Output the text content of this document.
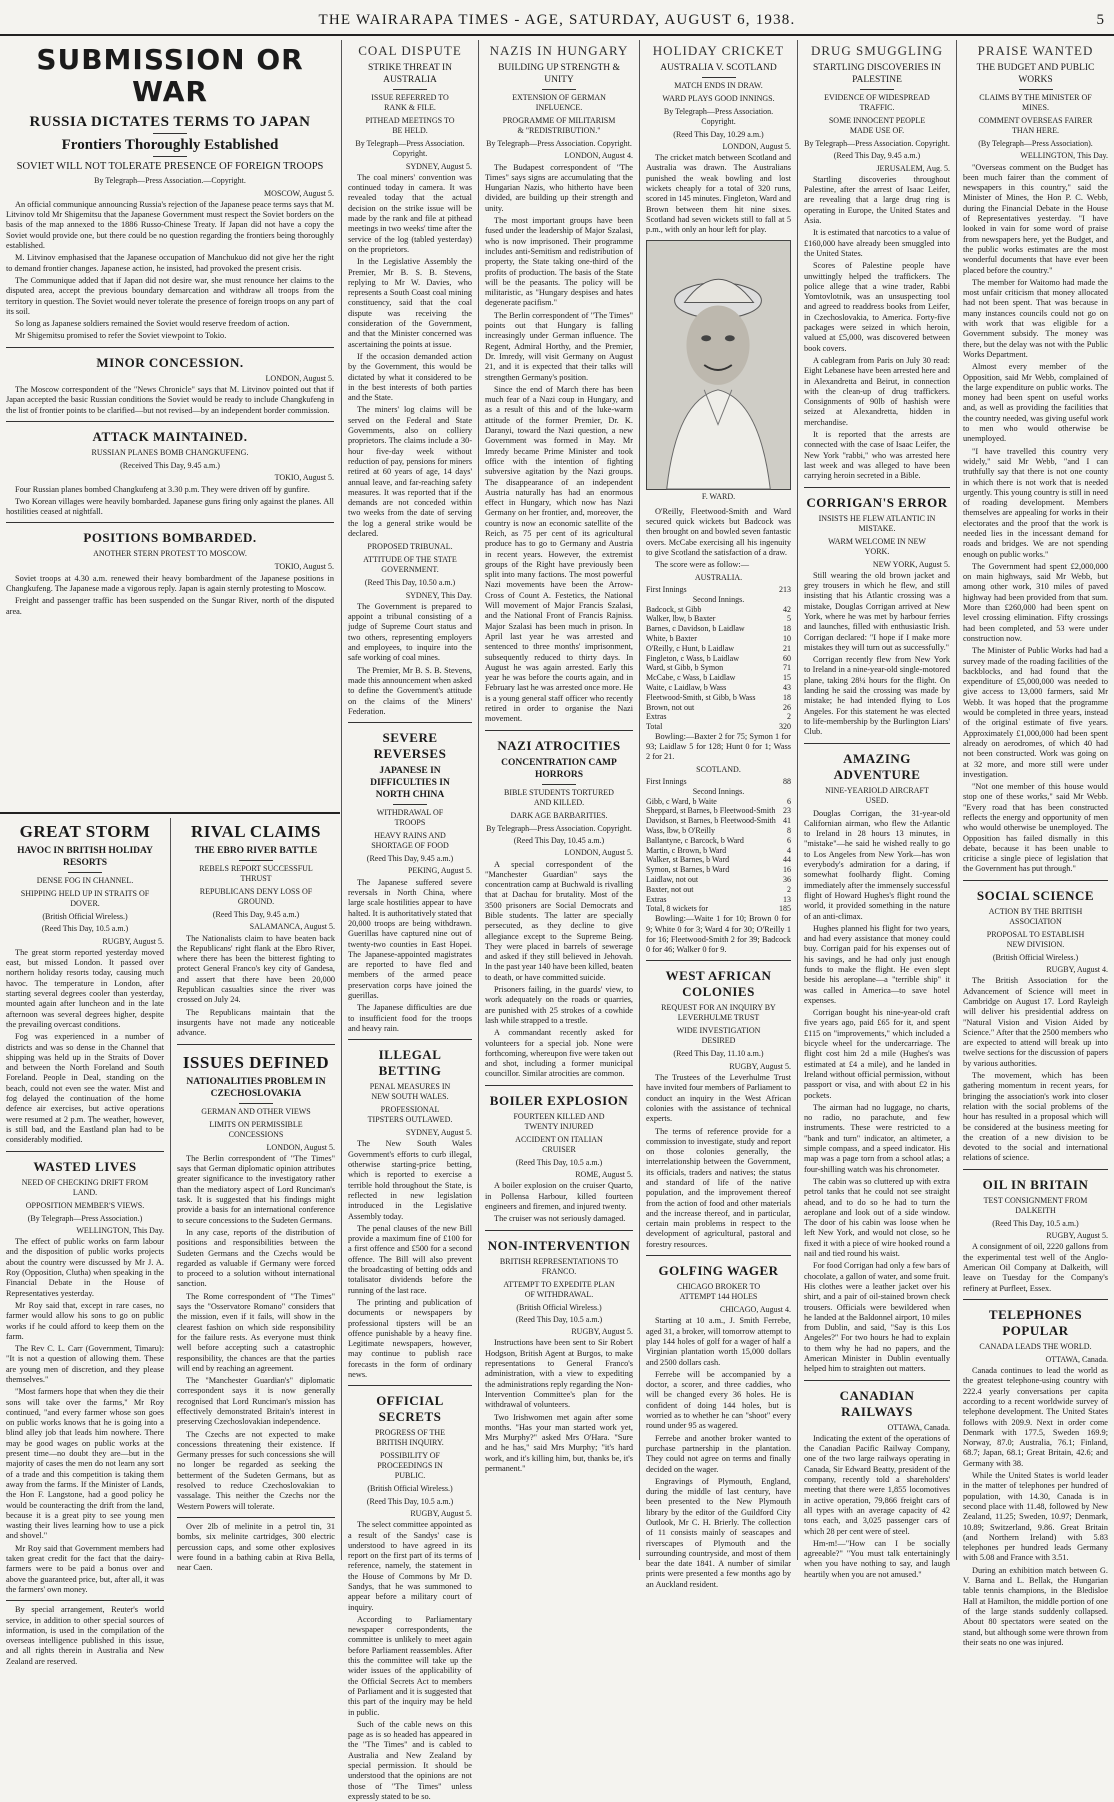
THE WAIRARAPA TIMES - AGE, SATURDAY, AUGUST 6, 1938.	5
SUBMISSION OR WAR
RUSSIA DICTATES TERMS TO JAPAN
Frontiers Thoroughly Established
SOVIET WILL NOT TOLERATE PRESENCE OF FOREIGN TROOPS
By Telegraph—Press Association.—Copyright.

MOSCOW, August 5.

An official communique announcing Russia's rejection of the Japanese peace terms says that M. Litvinov told Mr Shigemitsu that the Japanese Government must respect the Soviet borders on the basis of the map annexed to the 1886 Russo-Chinese Treaty. If Japan did not have a copy the Soviet would provide one, but there could be no question regarding the frontiers being thoroughly established.

M. Litvinov emphasised that the Japanese occupation of Manchukuo did not give her the right to demand frontier changes. Japanese action, he insisted, had provoked the present crisis.

The Communique added that if Japan did not desire war, she must renounce her claims to the disputed area, accept the previous boundary demarcation and withdraw all troops from the territory in question. The Soviet would never tolerate the presence of foreign troops on any part of its soil.

So long as Japanese soldiers remained the Soviet would reserve freedom of action.

Mr Shigemitsu promised to refer the Soviet viewpoint to Tokio.

MINOR CONCESSION.

LONDON, August 5.

The Moscow correspondent of the "News Chronicle" says that M. Litvinov pointed out that if Japan accepted the basic Russian conditions the Soviet would be ready to include Changkufeng in the list of frontier points to be clarified—but not revised—by an independent border commission.

ATTACK MAINTAINED.
RUSSIAN PLANES BOMB CHANGKUFENG.
(Received This Day, 9.45 a.m.)

TOKIO, August 5.

Four Russian planes bombed Changkufeng at 3.30 p.m. They were driven off by gunfire.

Two Korean villages were heavily bombarded. Japanese guns firing only against the planes. All hostilities ceased at nightfall.

POSITIONS BOMBARDED.
ANOTHER STERN PROTEST TO MOSCOW.

TOKIO, August 5.

Soviet troops at 4.30 a.m. renewed their heavy bombardment of the Japanese positions in Changkufeng. The Japanese made a vigorous reply. Japan is again sternly protesting to Moscow.

Freight and passenger traffic has been suspended on the Sungar River, north of the disputed area.

GREAT STORM
HAVOC IN BRITISH HOLIDAY RESORTS
DENSE FOG IN CHANNEL.
SHIPPING HELD UP IN STRAITS OF DOVER.
(British Official Wireless.)
(Reed This Day, 10.5 a.m.)

RUGBY, August 5.

The great storm reported yesterday moved east, but missed London. It passed over northern holiday resorts today, causing much havoc. The temperature in London, after starting several degrees cooler than yesterday, mounted again after luncheon and in the late afternoon was several degrees higher, despite the prevailing overcast conditions.

Fog was experienced in a number of districts and was so dense in the Channel that shipping was held up in the Straits of Dover and between the North Foreland and South Foreland. People in Deal, standing on the beach, could not even see the water. Mist and fog delayed the continuation of the home defence air exercises, but active operations were resumed at 2 p.m. The weather, however, is still bad, and the Eastland plan had to be considerably modified.

WASTED LIVES
NEED OF CHECKING DRIFT FROM LAND.
OPPOSITION MEMBER'S VIEWS.
(By Telegraph—Press Association.)

WELLINGTON, This Day.

The effect of public works on farm labour and the disposition of public works projects about the country were discussed by Mr J. A. Roy (Opposition, Clutha) when speaking in the Financial Debate in the House of Representatives yesterday.

Mr Roy said that, except in rare cases, no farmer would allow his sons to go on public works if he could afford to keep them on the farm.

The Rev C. L. Carr (Government, Timaru): "It is not a question of allowing them. These are young men of discretion, and they please themselves."

"Most farmers hope that when they die their sons will take over the farms," Mr Roy continued, "and every farmer whose son goes on public works knows that he is going into a blind alley job that leads him nowhere. There may be good wages on public works at the present time—no doubt they are—but in the majority of cases the men do not learn any sort of a trade and this competition is taking them away from the farms. If the Minister of Lands, the Hon F. Langstone, had a good policy he would be counteracting the drift from the land, because it is a great pity to see young men wasting their lives learning how to use a pick and shovel."

Mr Roy said that Government members had taken great credit for the fact that the dairy-farmers were to be paid a bonus over and above the guaranteed price, but, after all, it was the farmers' own money.

By special arrangement, Reuter's world service, in addition to other special sources of information, is used in the compilation of the overseas intelligence published in this issue, and all rights therein in Australia and New Zealand are reserved.

RIVAL CLAIMS
THE EBRO RIVER BATTLE
REBELS REPORT SUCCESSFUL THRUST
REPUBLICANS DENY LOSS OF GROUND.
(Reed This Day, 9.45 a.m.)

SALAMANCA, August 5.

The Nationalists claim to have beaten back the Republicans' right flank at the Ebro River, where there has been the bitterest fighting to protect General Franco's key city of Gandesa, and assert that there have been 20,000 Republican casualties since the river was crossed on July 24.

The Republicans maintain that the insurgents have not made any noticeable advance.

ISSUES DEFINED
NATIONALITIES PROBLEM IN CZECHOSLOVAKIA
GERMAN AND OTHER VIEWS
LIMITS ON PERMISSIBLE CONCESSIONS

LONDON, August 5.

The Berlin correspondent of "The Times" says that German diplomatic opinion attributes greater significance to the investigatory rather than the mediatory aspect of Lord Runciman's task. It is suggested that his findings might provide a basis for an international conference to secure concessions to the Sudeten Germans.

In any case, reports of the distribution of positions and responsibilities between the Sudeten Germans and the Czechs would be regarded as valuable if Germany were forced to proceed to a solution without international sanction.

The Rome correspondent of "The Times" says the "Osservatore Romano" considers that the mission, even if it fails, will show in the clearest fashion on which side responsibility for the failure rests. As everyone must think well before accepting such a catastrophic responsibility, the chances are that the parties will end by reaching an agreement.

The "Manchester Guardian's" diplomatic correspondent says it is now generally recognised that Lord Runciman's mission has effectively demonstrated Britain's interest in preserving Czechoslovakian independence.

The Czechs are not expected to make concessions threatening their existence. If Germany presses for such concessions she will no longer be regarded as seeking the betterment of the Sudeten Germans, but as resolved to reduce Czechoslovakian to vassalage. This neither the Czechs nor the Western Powers will tolerate.

Over 2lb of melinite in a petrol tin, 31 bombs, six melinite cartridges, 300 electric percussion caps, and some other explosives were found in a bathing cabin at Riva Bella, near Caen.

COAL DISPUTE
STRIKE THREAT IN AUSTRALIA
ISSUE REFERRED TO RANK & FILE.
PITHEAD MEETINGS TO BE HELD.
By Telegraph—Press Association. Copyright.

SYDNEY, August 5.

The coal miners' convention was continued today in camera. It was revealed today that the actual decision on the strike issue will be made by the rank and file at pithead meetings in two weeks' time after the service of the log (tabled yesterday) on the proprietors.

In the Legislative Assembly the Premier, Mr B. S. B. Stevens, replying to Mr W. Davies, who represents a South Coast coal mining constituency, said that the coal dispute was receiving the consideration of the Government, and that the Minister concerned was ascertaining the points at issue.

If the occasion demanded action by the Government, this would be dictated by what it considered to be in the best interests of both parties and the State.

The miners' log claims will be served on the Federal and State Governments, also on colliery proprietors. The claims include a 30-hour five-day week without reduction of pay, pensions for miners retired at 60 years of age, 14 days' annual leave, and far-reaching safety measures. It was reported that if the demands are not conceded within two weeks from the date of serving the log a general strike would be declared.

PROPOSED TRIBUNAL.
ATTITUDE OF THE STATE GOVERNMENT.
(Reed This Day, 10.50 a.m.)

SYDNEY, This Day.

The Government is prepared to appoint a tribunal consisting of a judge of Supreme Court status and two others, representing employers and employees, to inquire into the safe working of coal mines.

The Premier, Mr B. S. B. Stevens, made this announcement when asked to define the Government's attitude on the claims of the Miners' Federation.

SEVERE REVERSES
JAPANESE IN DIFFICULTIES IN NORTH CHINA
WITHDRAWAL OF TROOPS
HEAVY RAINS AND SHORTAGE OF FOOD
(Reed This Day, 9.45 a.m.)

PEKING, August 5.

The Japanese suffered severe reversals in North China, where large scale hostilities appear to have halted. It is authoritatively stated that 20,000 troops are being withdrawn. Guerillas have captured nine out of twenty-two counties in East Hopei. The Japanese-appointed magistrates are reported to have fled and members of the armed peace preservation corps have joined the guerillas.

The Japanese difficulties are due to insufficient food for the troops and heavy rain.

ILLEGAL BETTING
PENAL MEASURES IN NEW SOUTH WALES.
PROFESSIONAL TIPSTERS OUTLAWED.

SYDNEY, August 5.

The New South Wales Government's efforts to curb illegal, otherwise starting-price betting, which is reported to exercise a terrible hold throughout the State, is reflected in new legislation introduced in the Legislative Assembly today.

The penal clauses of the new Bill provide a maximum fine of £100 for a first offence and £500 for a second offence. The Bill will also prevent the broadcasting of betting odds and totalisator dividends before the running of the last race.

The printing and publication of documents or newspapers by professional tipsters will be an offence punishable by a heavy fine. Legitimate newspapers, however, may continue to publish race forecasts in the form of ordinary news.

OFFICIAL SECRETS
PROGRESS OF THE BRITISH INQUIRY.
POSSIBILITY OF PROCEEDINGS IN PUBLIC.
(British Official Wireless.)
(Reed This Day, 10.5 a.m.)

RUGBY, August 5.

The select committee appointed as a result of the Sandys' case is understood to have agreed in its report on the first part of its terms of reference, namely, the statement in the House of Commons by Mr D. Sandys, that he was summoned to appear before a military court of inquiry.

According to Parliamentary newspaper correspondents, the committee is unlikely to meet again before Parliament reassembles. After this the committee will take up the wider issues of the applicability of the Official Secrets Act to members of Parliament and it is suggested that this part of the inquiry may be held in public.

Such of the cable news on this page as is so headed has appeared in the "The Times" and is cabled to Australia and New Zealand by special permission. It should be understood that the opinions are not those of "The Times" unless expressly stated to be so.

NAZIS IN HUNGARY
BUILDING UP STRENGTH & UNITY
EXTENSION OF GERMAN INFLUENCE.
PROGRAMME OF MILITARISM & "REDISTRIBUTION."
By Telegraph—Press Association. Copyright.

LONDON, August 4.

The Budapest correspondent of "The Times" says signs are accumulating that the Hungarian Nazis, who hitherto have been divided, are building up their strength and unity.

The most important groups have been fused under the leadership of Major Szalasi, who is now imprisoned. Their programme includes anti-Semitism and redistribution of property, the State taking one-third of the profits of production. The basis of the State will be the peasants. The policy will be militaristic, as "Hungary despises and hates degenerate pacifism."

The Berlin correspondent of "The Times" points out that Hungary is falling increasingly under German influence. The Regent, Admiral Horthy, and the Premier, Dr. Imredy, will visit Germany on August 21, and it is expected that their talks will strengthen Germany's position.

Since the end of March there has been much fear of a Nazi coup in Hungary, and as a result of this and of the luke-warm attitude of the former Premier, Dr. K. Daranyi, toward the Nazi question, a new Government was formed in May. Mr Imredy became Prime Minister and took office with the intention of fighting subversive agitation by the Nazi groups. The disappearance of an independent Austria naturally has had an enormous effect in Hungary, which now has Nazi Germany on her frontier, and, moreover, the country is now an economic satellite of the Reich, as 75 per cent of its agricultural produce has to go to Germany and Austria in recent years. However, the extremist groups of the Right have previously been split into many factions. The most powerful Nazi movements have been the Arrow-Cross of Count A. Festetics, the National Will movement of Major Francis Szalasi, and the National Front of Francis Rajniss. Major Szalasi has been much in prison. In April last year he was arrested and sentenced to three months' imprisonment, subsequently reduced to thirty days. In August he was again arrested. Early this year he was before the courts again, and in February last he was arrested once more. He is a young general staff officer who recently retired in order to organise the Nazi movement.

NAZI ATROCITIES
CONCENTRATION CAMP HORRORS
BIBLE STUDENTS TORTURED AND KILLED.
DARK AGE BARBARITIES.
By Telegraph—Press Association. Copyright.
(Reed This Day, 10.45 a.m.)

LONDON, August 5.

A special correspondent of the "Manchester Guardian" says the concentration camp at Buchwald is rivalling that at Dachau for brutality. Most of the 3500 prisoners are Social Democrats and Bible students. The latter are specially persecuted, as they decline to give allegiance except to the Supreme Being. They were placed in barrels of sewerage and asked if they still believed in Jehovah. In the past year 140 have been killed, beaten to death, or have committed suicide.

Prisoners failing, in the guards' view, to work adequately on the roads or quarries, are punished with 25 strokes of a cowhide lash while strapped to a trestle.

A commandant recently asked for volunteers for a special job. None were forthcoming, whereupon five were taken out and shot, including a former municipal councillor. Similar atrocities are common.

BOILER EXPLOSION
FOURTEEN KILLED AND TWENTY INJURED
ACCIDENT ON ITALIAN CRUISER
(Reed This Day, 10.5 a.m.)

ROME, August 5.

A boiler explosion on the cruiser Quarto, in Pollensa Harbour, killed fourteen engineers and firemen, and injured twenty.

The cruiser was not seriously damaged.

NON-INTERVENTION
BRITISH REPRESENTATIONS TO FRANCO.
ATTEMPT TO EXPEDITE PLAN OF WITHDRAWAL.
(British Official Wireless.)
(Reed This Day, 10.5 a.m.)

RUGBY, August 5.

Instructions have been sent to Sir Robert Hodgson, British Agent at Burgos, to make representations to General Franco's administration, with a view to expediting the administrations reply regarding the Non-Intervention Committee's plan for the withdrawal of volunteers.

Two Irishwomen met again after some months. "Has your man started work yet, Mrs Murphy?" asked Mrs O'Hara. "Sure and he has," said Mrs Murphy; "it's hard work, and it's killing him, but, thanks be, it's permanent."

HOLIDAY CRICKET
AUSTRALIA V. SCOTLAND
MATCH ENDS IN DRAW.
WARD PLAYS GOOD INNINGS.
By Telegraph—Press Association. Copyright.
(Reed This Day, 10.29 a.m.)

LONDON, August 5.

The cricket match between Scotland and Australia was drawn. The Australians punished the weak bowling and lost wickets cheaply for a total of 320 runs, scored in 145 minutes. Fingleton, Ward and Brown between them hit nine sixes. Scotland had seven wickets still to fall at 5 p.m., with only an hour left for play.

F. WARD.

O'Reilly, Fleetwood-Smith and Ward secured quick wickets but Badcock was then brought on and bowled seven fantastic overs. McCabe exercising all his ingenuity to give Scotland the satisfaction of a draw.

The score were as follow:—

AUSTRALIA.
First Innings	213
Second Innings.	
Badcock, st Gibb	42
Walker, lbw, b Baxter	5
Barnes, c Davidson, b Laidlaw	18
White, b Baxter	10
O'Reilly, c Hunt, b Laidlaw	21
Fingleton, c Wass, b Laidlaw	60
Ward, st Gibb, b Symon	71
McCabe, c Wass, b Laidlaw	15
Waite, c Laidlaw, b Wass	43
Fleetwood-Smith, st Gibb, b Wass	18
Brown, not out	26
Extras	2
Total	320

Bowling:—Baxter 2 for 75; Symon 1 for 93; Laidlaw 5 for 128; Hunt 0 for 1; Wass 2 for 21.

SCOTLAND.
First Innings	88
Second Innings.	
Gibb, c Ward, b Waite	6
Sheppard, st Barnes, b Fleetwood-Smith	23
Davidson, st Barnes, b Fleetwood-Smith	41
Wass, lbw, b O'Reilly	8
Ballantyne, c Barcock, b Ward	6
Martin, c Brown, b Ward	4
Walker, st Barnes, b Ward	44
Symon, st Barnes, b Ward	16
Laidlaw, not out	36
Baxter, not out	2
Extras	13
Total, 8 wickets for	185

Bowling:—Waite 1 for 10; Brown 0 for 9; White 0 for 3; Ward 4 for 30; O'Reilly 1 for 16; Fleetwood-Smith 2 for 39; Badcock 0 for 46; Walker 0 for 9.

WEST AFRICAN COLONIES
REQUEST FOR AN INQUIRY BY LEVERHULME TRUST
WIDE INVESTIGATION DESIRED
(Reed This Day, 11.10 a.m.)

RUGBY, August 5.

The Trustees of the Leverhulme Trust have invited four members of Parliament to conduct an inquiry in the West African colonies with the assistance of technical experts.

The terms of reference provide for a commission to investigate, study and report on those colonies generally, the interrelationship between the Government, its officials, traders and natives; the status and standard of life of the native population, and the improvement thereof from the action of food and other materials and the increase thereof, and in particular, certain main problems in respect to the development of agricultural, pastoral and forestry resources.

GOLFING WAGER
CHICAGO BROKER TO ATTEMPT 144 HOLES

CHICAGO, August 4.

Starting at 10 a.m., J. Smith Ferrebe, aged 31, a broker, will tomorrow attempt to play 144 holes of golf for a wager of half a Virginian plantation worth 15,000 dollars and 2500 dollars cash.

Ferrebe will be accompanied by a doctor, a scorer, and three caddies, who will be changed every 36 holes. He is confident of doing 144 holes, but is worried as to whether he can "shoot" every round under 95 as wagered.

Ferrebe and another broker wanted to purchase partnership in the plantation. They could not agree on terms and finally decided on the wager.

Engravings of Plymouth, England, during the middle of last century, have been presented to the New Plymouth library by the editor of the Guildford City Outlook, Mr C. H. Brierly. The collection of 11 consists mainly of seascapes and riverscapes of Plymouth and the surrounding countryside, and most of them bear the date 1841. A number of similar prints were presented a few months ago by an Auckland resident.

DRUG SMUGGLING
STARTLING DISCOVERIES IN PALESTINE
EVIDENCE OF WIDESPREAD TRAFFIC.
SOME INNOCENT PEOPLE MADE USE OF.
By Telegraph—Press Association. Copyright.
(Reed This Day, 9.45 a.m.)

JERUSALEM, Aug. 5.

Startling discoveries throughout Palestine, after the arrest of Isaac Leifer, are revealing that a large drug ring is operating in Europe, the United States and Asia.

It is estimated that narcotics to a value of £160,000 have already been smuggled into the United States.

Scores of Palestine people have unwittingly helped the traffickers. The police allege that a wine trader, Rabbi Yomtovlotnik, was an unsuspecting tool and agreed to readdress books from Leifer, in Czechoslovakia, to America. Forty-five packages were seized in which heroin, valued at £5,000, was discovered between book covers.

A cablegram from Paris on July 30 read: Eight Lebanese have been arrested here and in Alexandretta and Beirut, in connection with the clean-up of drug traffickers. Consignments of 90lb of hashish were seized at Alexandretta, hidden in merchandise.

It is reported that the arrests are connected with the case of Isaac Leifer, the New York "rabbi," who was arrested here last week and was alleged to have been carrying heroin secreted in a Bible.

CORRIGAN'S ERROR
INSISTS HE FLEW ATLANTIC IN MISTAKE.
WARM WELCOME IN NEW YORK.

NEW YORK, August 5.

Still wearing the old brown jacket and grey trousers in which he flew, and still insisting that his Atlantic crossing was a mistake, Douglas Corrigan arrived at New York, where he was met by harbour ferries and launches, filled with enthusiastic Irish. Corrigan declared: "I hope if I make more mistakes they will turn out as successfully."

Corrigan recently flew from New York to Ireland in a nine-year-old single-motored plane, taking 28¼ hours for the flight. On landing he said the crossing was made by mistake; he had intended flying to Los Angeles. For this statement he was elected to life-membership by the Burlington Liars' Club.

AMAZING ADVENTURE
NINE-YEARIOLD AIRCRAFT USED.

Douglas Corrigan, the 31-year-old Californian airman, who flew the Atlantic to Ireland in 28 hours 13 minutes, in "mistake"—he said he wished really to go to Los Angeles from New York—has won everybody's admiration for a daring, if somewhat foolhardy flight. Coming immediately after the immensely successful flight of Howard Hughes's flight round the world, it provided something in the nature of an anti-climax.

Hughes planned his flight for two years, and had every assistance that money could buy. Corrigan paid for his expenses out of his savings, and he had only just enough funds to make the flight. He even slept beside his aeroplane—a "terrible ship" it was called in America—to save hotel expenses.

Corrigan bought his nine-year-old craft five years ago, paid £65 for it, and spent £115 on "improvements," which included a bicycle wheel for the undercarriage. The flight cost him 2d a mile (Hughes's was estimated at £4 a mile), and he landed in Ireland without official permission, without passport or visa, and with about £2 in his pockets.

The airman had no luggage, no charts, no radio, no parachute, and few instruments. These were restricted to a "bank and turn" indicator, an altimeter, a simple compass, and a speed indicator. His map was a page torn from a school atlas; a four-shilling watch was his chronometer.

The cabin was so cluttered up with extra petrol tanks that he could not see straight ahead, and to do so he had to turn the aeroplane and look out of a side window. The door of his cabin was loose when he left New York, and would not close, so he fixed it with a piece of wire hooked round a nail and tied round his waist.

For food Corrigan had only a few bars of chocolate, a gallon of water, and some fruit. His clothes were a leather jacket over his shirt, and a pair of oil-stained brown check trousers. Officials were bewildered when he landed at the Baldonnel airport, 10 miles from Dublin, and said, "Say is this Los Angeles?" For two hours he had to explain to them why he had no papers, and the American Minister in Dublin eventually helped him to straighten out matters.

CANADIAN RAILWAYS

OTTAWA, Canada.

Indicating the extent of the operations of the Canadian Pacific Railway Company, one of the two large railways operating in Canada, Sir Edward Beatty, president of the company, recently told a shareholders' meeting that there were 1,855 locomotives in active operation, 79,866 freight cars of all types with an average capacity of 42 tons each, and 3,025 passenger cars of which 28 per cent were of steel.

Hm-m!—"How can I be socially agreeable?" "You must talk entertainingly when you have nothing to say, and laugh heartily when you are not amused."

PRAISE WANTED
THE BUDGET AND PUBLIC WORKS
CLAIMS BY THE MINISTER OF MINES.
COMMENT OVERSEAS FAIRER THAN HERE.
(By Telegraph—Press Association).

WELLINGTON, This Day.

"Overseas comment on the Budget has been much fairer than the comment of newspapers in this country," said the Minister of Mines, the Hon P. C. Webb, during the Financial Debate in the House of Representatives yesterday. "I have looked in vain for some word of praise from newspapers here, yet the Budget, and the public works estimates are the most wonderful documents that have ever been placed before the country."

The member for Waitomo had made the most unfair criticism that money allocated had not been spent. That was because in many instances councils could not go on with work that was eligible for a Government subsidy. The money was there, but the delay was not with the Public Works Department.

Almost every member of the Opposition, said Mr Webb, complained of the large expenditure on public works. The money had been spent on useful works and, as well as providing the facilities that the country needed, was giving useful work to men who would otherwise be unemployed.

"I have travelled this country very widely," said Mr Webb, "and I can truthfully say that there is not one county in which there is not work that is needed urgently. This young country is still in need of roading development. Members themselves are appealing for works in their electorates and the proof that the work is needed lies in the incessant demand for roads and bridges. We are not spending enough on public works."

The Government had spent £2,000,000 on main highways, said Mr Webb, but among other work, 310 miles of paved highway had been provided from that sum. More than £260,000 had been spent on level crossing elimination. Fifty crossings had been completed, and 53 were under construction now.

The Minister of Public Works had had a survey made of the roading facilities of the backblocks, and had found that the expenditure of £5,000,000 was needed to give access to 13,000 farmers, said Mr Webb. It was hoped that the programme would be completed in three years, instead of the original estimate of five years. Approximately £1,000,000 had been spent already on aerodromes, of which 40 had not been constructed. Work was going on at 32 more, and more still were under investigation.

"Not one member of this house would stop one of these works," said Mr Webb. "Every road that has been constructed reflects the energy and opportunity of men who would otherwise be unemployed. The Opposition has failed dismally in this debate, because it has been unable to criticise a single piece of legislation that the Government has put through."

SOCIAL SCIENCE
ACTION BY THE BRITISH ASSOCIATION
PROPOSAL TO ESTABLISH NEW DIVISION.
(British Official Wireless.)

RUGBY, August 4.

The British Association for the Advancement of Science will meet in Cambridge on August 17. Lord Rayleigh will deliver his presidential address on "Natural Vision and Vision Aided by Science." After that the 2500 members who are expected to attend will break up into twelve sections for the discussion of papers by various authorities.

The movement, which has been gathering momentum in recent years, for bringing the association's work into closer relation with the social problems of the hour has resulted in a proposal which will be considered at the business meeting for the creation of a new division to be devoted to the social and international relations of science.

OIL IN BRITAIN
TEST CONSIGNMENT FROM DALKEITH
(Reed This Day, 10.5 a.m.)

RUGBY, August 5.

A consignment of oil, 2220 gallons from the experimental test well of the Anglo-American Oil Company at Dalkeith, will leave on Tuesday for the Company's refinery at Purfleet, Essex.

TELEPHONES POPULAR
CANADA LEADS THE WORLD.

OTTAWA, Canada.

Canada continues to lead the world as the greatest telephone-using country with 222.4 yearly conversations per capita according to a recent worldwide survey of telephone development. The United States follows with 209.9. Next in order come Denmark with 177.5, Sweden 169.9; Norway, 87.0; Australia, 76.1; Finland, 68.7; Japan, 68.1; Great Britain, 42.6; and Germany with 38.

While the United States is world leader in the matter of telephones per hundred of population, with 14.30, Canada is in second place with 11.48, followed by New Zealand, 11.25; Sweden, 10.97; Denmark, 10.89; Switzerland, 9.86. Great Britain (and Northern Ireland) with 5.83 telephones per hundred leads Germany with 5.08 and France with 3.51.

During an exhibition match between G. V. Barna and L. Bellak, the Hungarian table tennis champions, in the Bledisloe Hall at Hamilton, the middle portion of one of the large stands suddenly collapsed. About 80 spectators were seated on the stand, but although some were thrown from their seats no one was injured.
